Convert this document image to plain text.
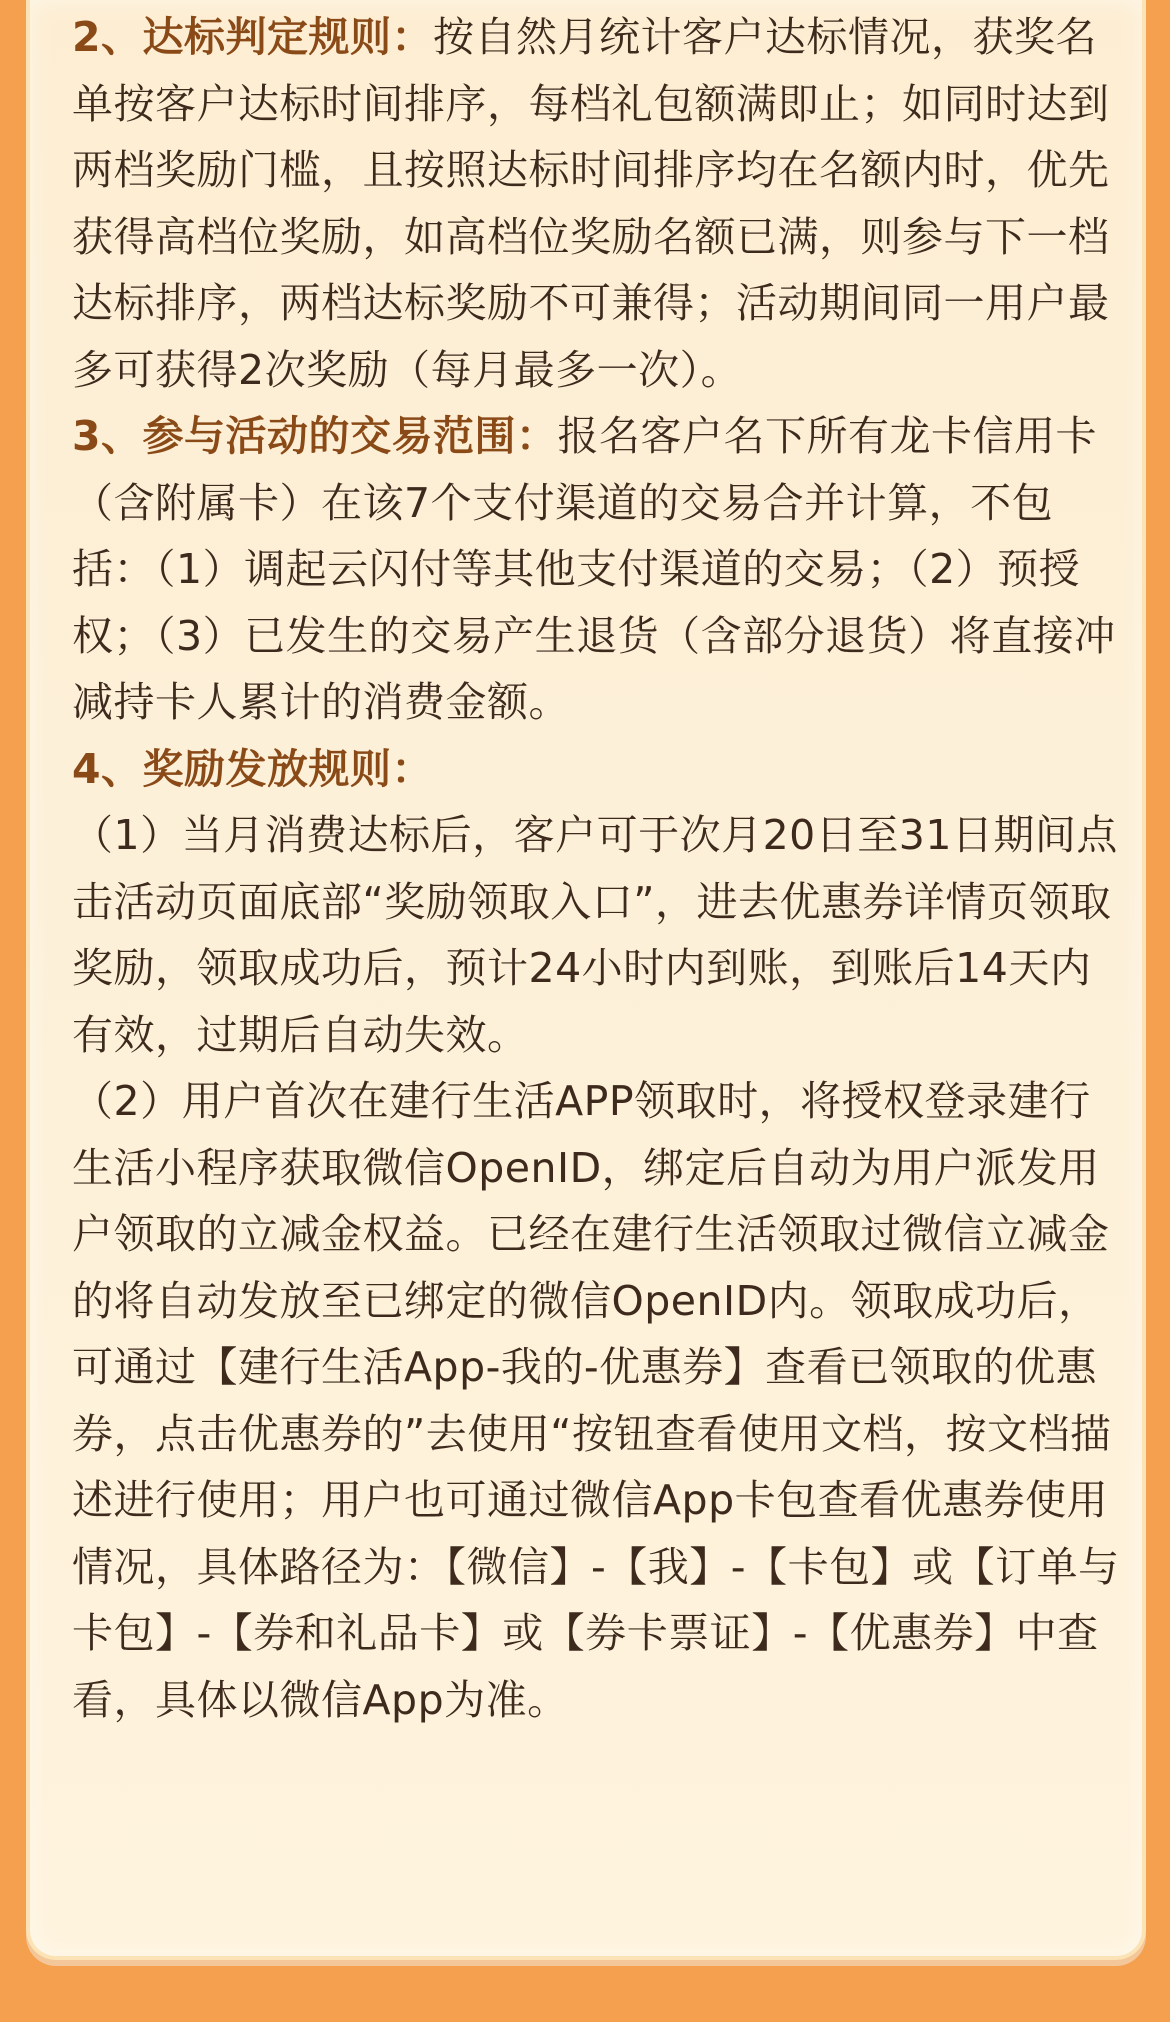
2、达标判定规则：按自然月统计客户达标情况，获奖名单按客户达标时间排序，每档礼包额满即止；如同时达到两档奖励门槛，且按照达标时间排序均在名额内时，优先获得高档位奖励，如高档位奖励名额已满，则参与下一档达标排序，两档达标奖励不可兼得；活动期间同一用户最多可获得2次奖励（每月最多一次）。

3、参与活动的交易范围：报名客户名下所有龙卡信用卡（含附属卡）在该7个支付渠道的交易合并计算，不包括：（1）调起云闪付等其他支付渠道的交易；（2）预授权；（3）已发生的交易产生退货（含部分退货）将直接冲减持卡人累计的消费金额。

4、奖励发放规则：

（1）当月消费达标后，客户可于次月20日至31日期间点击活动页面底部“奖励领取入口”，进去优惠券详情页领取奖励，领取成功后，预计24小时内到账，到账后14天内有效，过期后自动失效。

（2）用户首次在建行生活APP领取时，将授权登录建行生活小程序获取微信OpenID，绑定后自动为用户派发用户领取的立减金权益。已经在建行生活领取过微信立减金的将自动发放至已绑定的微信OpenID内。领取成功后，可通过【建行生活App-我的-优惠券】查看已领取的优惠券，点击优惠券的”去使用“按钮查看使用文档，按文档描述进行使用；用户也可通过微信App卡包查看优惠券使用情况，具体路径为：【微信】-【我】-【卡包】或【订单与卡包】-【券和礼品卡】或【券卡票证】-【优惠券】中查看，具体以微信App为准。
